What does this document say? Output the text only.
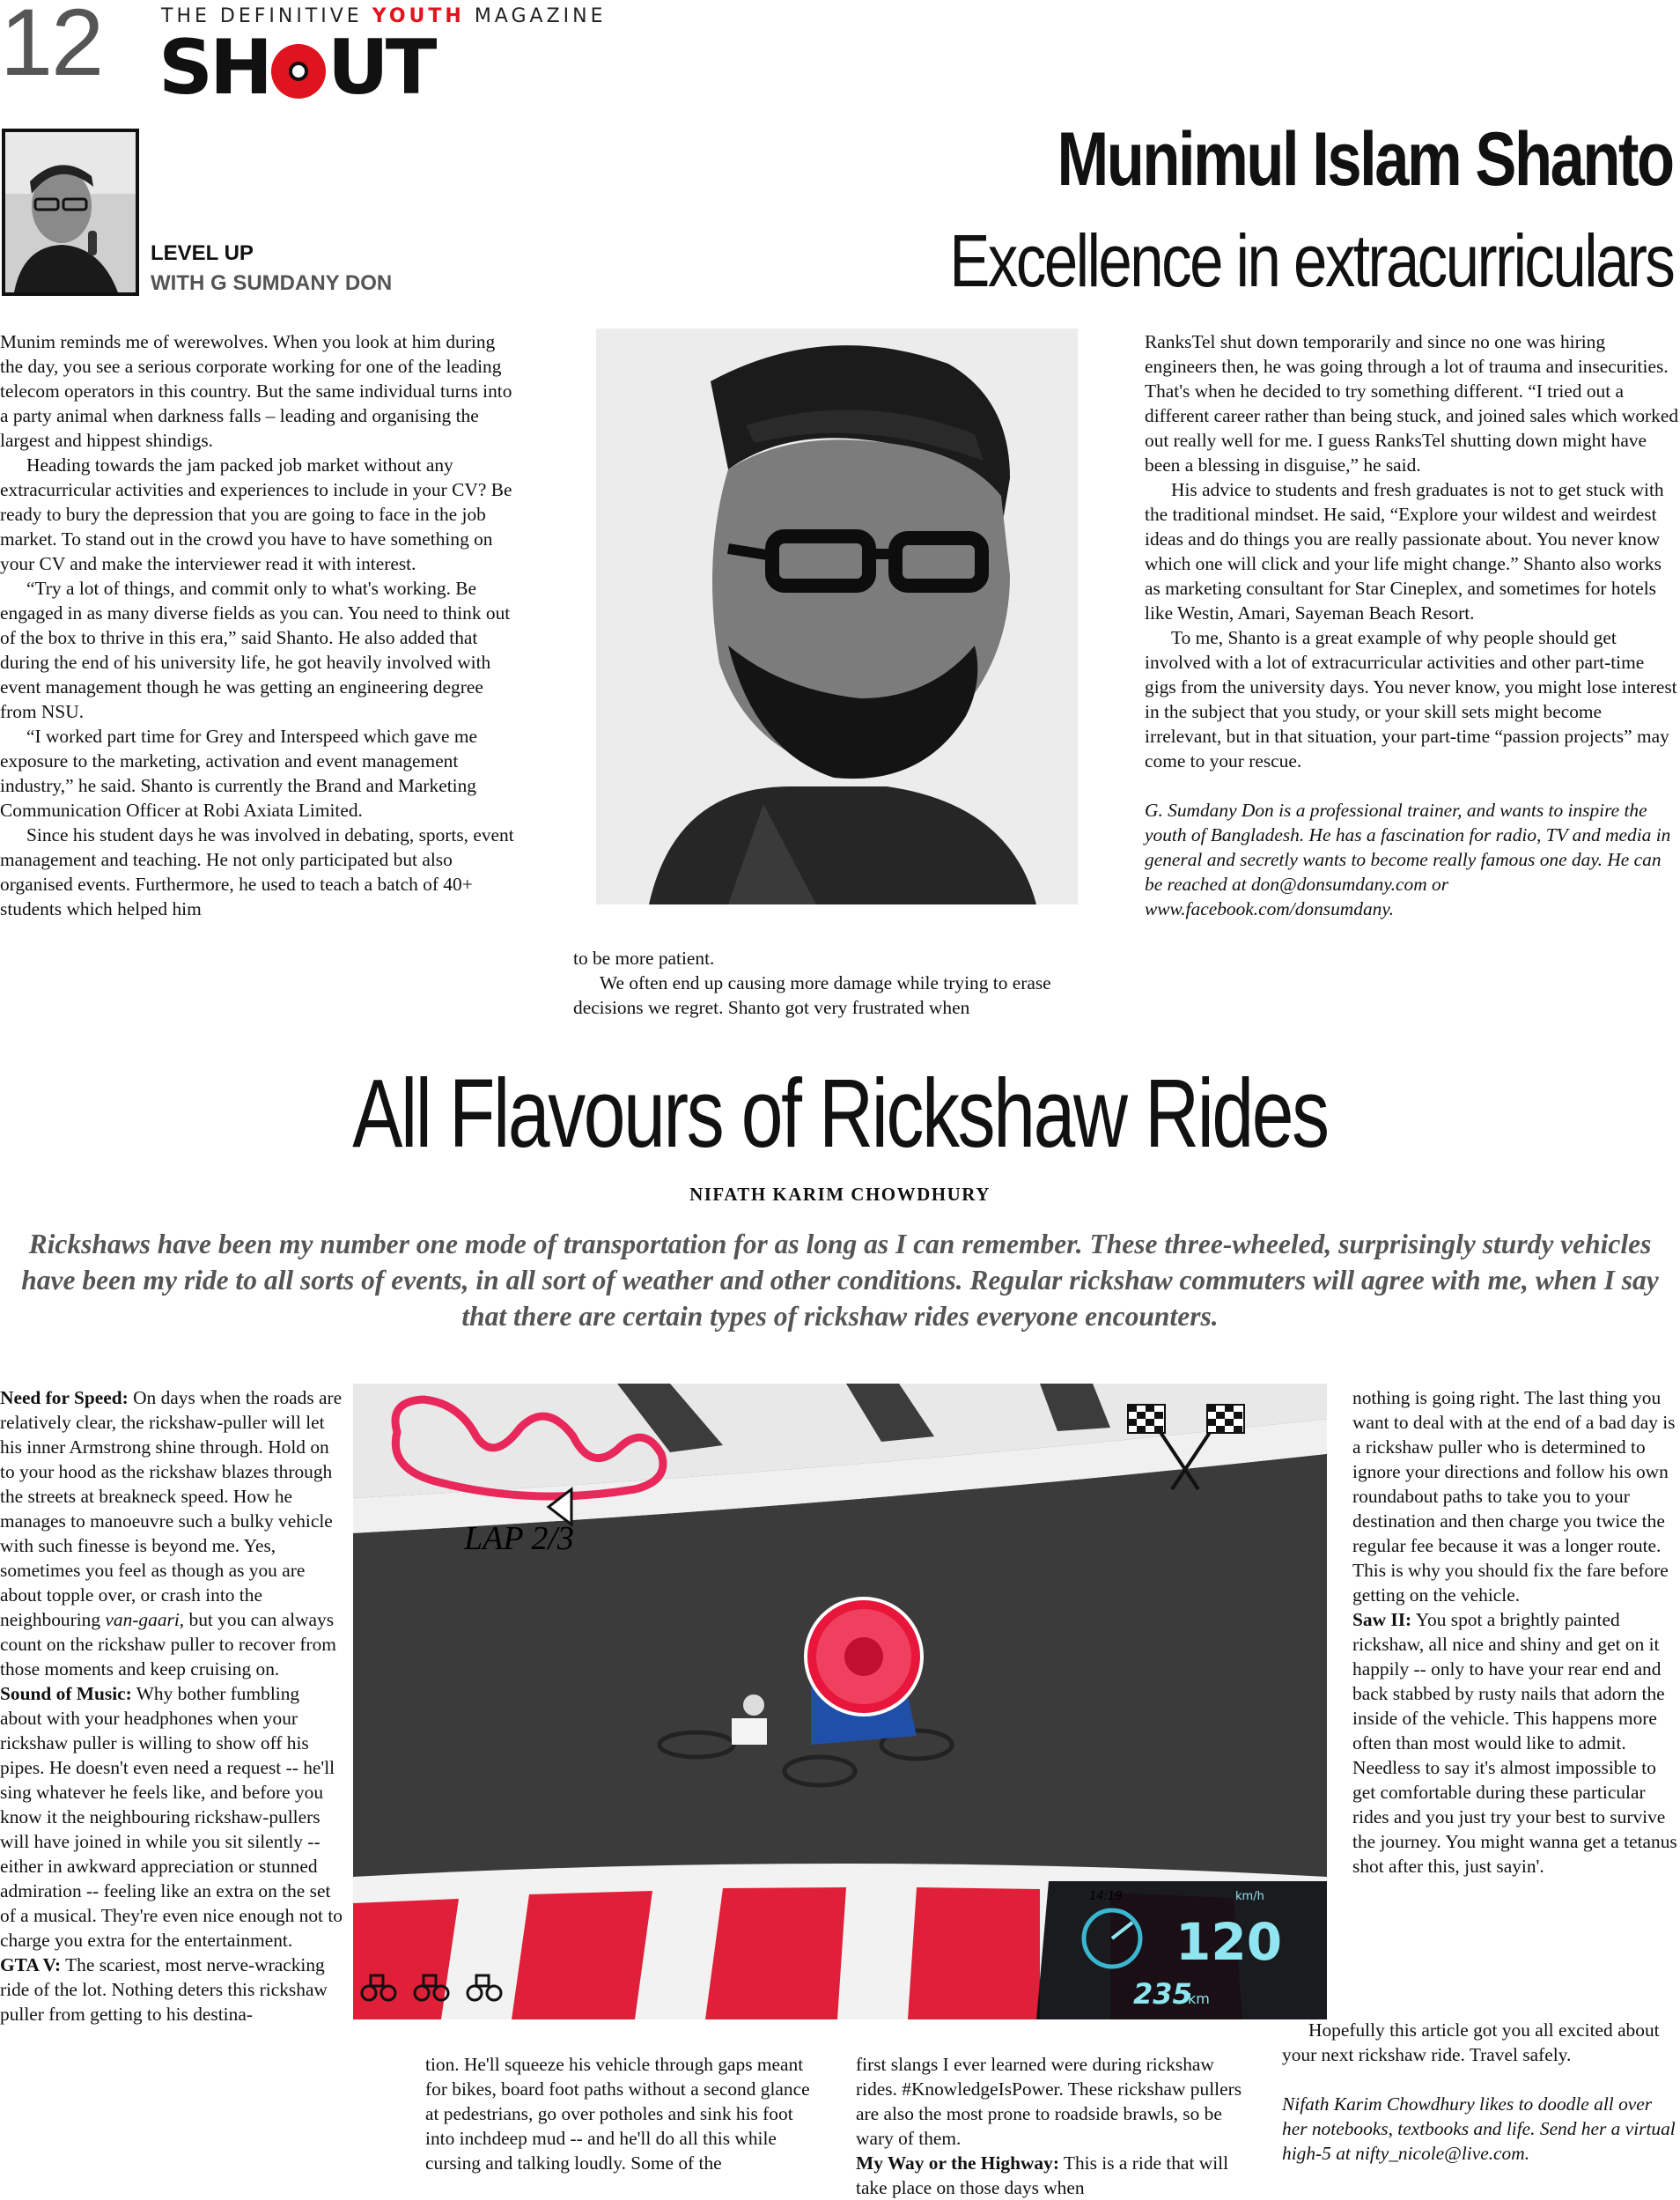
12	THE DEFINITIVE YOUTH MAGAZINE
SH UT
LEVEL UP
WITH G SUMDANY DON
Munimul Islam Shanto
Excellence in extracurriculars

Munim reminds me of werewolves. When you look at him during the day, you see a serious corporate working for one of the leading telecom operators in this country. But the same individual turns into a party animal when darkness falls – leading and organising the largest and hippest shindigs.

Heading towards the jam packed job market without any extracurricular activities and experiences to include in your CV? Be ready to bury the depression that you are going to face in the job market. To stand out in the crowd you have to have something on your CV and make the interviewer read it with interest.

“Try a lot of things, and commit only to what's working. Be engaged in as many diverse fields as you can. You need to think out of the box to thrive in this era,” said Shanto. He also added that during the end of his university life, he got heavily involved with event management though he was getting an engineering degree from NSU.

“I worked part time for Grey and Interspeed which gave me exposure to the marketing, activation and event management industry,” he said. Shanto is currently the Brand and Marketing Communication Officer at Robi Axiata Limited.

Since his student days he was involved in debating, sports, event management and teaching. He not only participated but also organised events. Furthermore, he used to teach a batch of 40+ students which helped him

to be more patient.

We often end up causing more damage while trying to erase decisions we regret. Shanto got very frustrated when

RanksTel shut down temporarily and since no one was hiring engineers then, he was going through a lot of trauma and insecurities. That's when he decided to try something different. “I tried out a different career rather than being stuck, and joined sales which worked out really well for me. I guess RanksTel shutting down might have been a blessing in disguise,” he said.

His advice to students and fresh graduates is not to get stuck with the traditional mindset. He said, “Explore your wildest and weirdest ideas and do things you are really passionate about. You never know which one will click and your life might change.” Shanto also works as marketing consultant for Star Cineplex, and sometimes for hotels like Westin, Amari, Sayeman Beach Resort.

To me, Shanto is a great example of why people should get involved with a lot of extracurricular activities and other part-time gigs from the university days. You never know, you might lose interest in the subject that you study, or your skill sets might become irrelevant, but in that situation, your part-time “passion projects” may come to your rescue.

G. Sumdany Don is a professional trainer, and wants to inspire the youth of Bangladesh. He has a fascination for radio, TV and media in general and secretly wants to become really famous one day. He can be reached at don@donsumdany.com or www.facebook.com/donsumdany.

All Flavours of Rickshaw Rides
NIFATH KARIM CHOWDHURY
Rickshaws have been my number one mode of transportation for as long as I can remember. These three-wheeled, surprisingly sturdy vehicles have been my ride to all sorts of events, in all sort of weather and other conditions. Regular rickshaw commuters will agree with me, when I say that there are certain types of rickshaw rides everyone encounters.

Need for Speed: On days when the roads are relatively clear, the rickshaw-puller will let his inner Armstrong shine through. Hold on to your hood as the rickshaw blazes through the streets at breakneck speed. How he manages to manoeuvre such a bulky vehicle with such finesse is beyond me. Yes, sometimes you feel as though as you are about topple over, or crash into the neighbouring van-gaari, but you can always count on the rickshaw puller to recover from those moments and keep cruising on.

Sound of Music: Why bother fumbling about with your headphones when your rickshaw puller is willing to show off his pipes. He doesn't even need a request -- he'll sing whatever he feels like, and before you know it the neighbouring rickshaw-pullers will have joined in while you sit silently -- either in awkward appreciation or stunned admiration -- feeling like an extra on the set of a musical. They're even nice enough not to charge you extra for the entertainment.

GTA V: The scariest, most nerve-wracking ride of the lot. Nothing deters this rickshaw puller from getting to his destina-

LAP 2/3
14:19	km/h
120
235
km

tion. He'll squeeze his vehicle through gaps meant for bikes, board foot paths without a second glance at pedestrians, go over potholes and sink his foot into inchdeep mud -- and he'll do all this while cursing and talking loudly. Some of the

first slangs I ever learned were during rickshaw rides. #KnowledgeIsPower. These rickshaw pullers are also the most prone to roadside brawls, so be wary of them.

My Way or the Highway: This is a ride that will take place on those days when

nothing is going right. The last thing you want to deal with at the end of a bad day is a rickshaw puller who is determined to ignore your directions and follow his own roundabout paths to take you to your destination and then charge you twice the regular fee because it was a longer route. This is why you should fix the fare before getting on the vehicle.

Saw II: You spot a brightly painted rickshaw, all nice and shiny and get on it happily -- only to have your rear end and back stabbed by rusty nails that adorn the inside of the vehicle. This happens more often than most would like to admit. Needless to say it's almost impossible to get comfortable during these particular rides and you just try your best to survive the journey. You might wanna get a tetanus shot after this, just sayin'.

Hopefully this article got you all excited about your next rickshaw ride. Travel safely.

Nifath Karim Chowdhury likes to doodle all over her notebooks, textbooks and life. Send her a virtual high-5 at nifty_nicole@live.com.
